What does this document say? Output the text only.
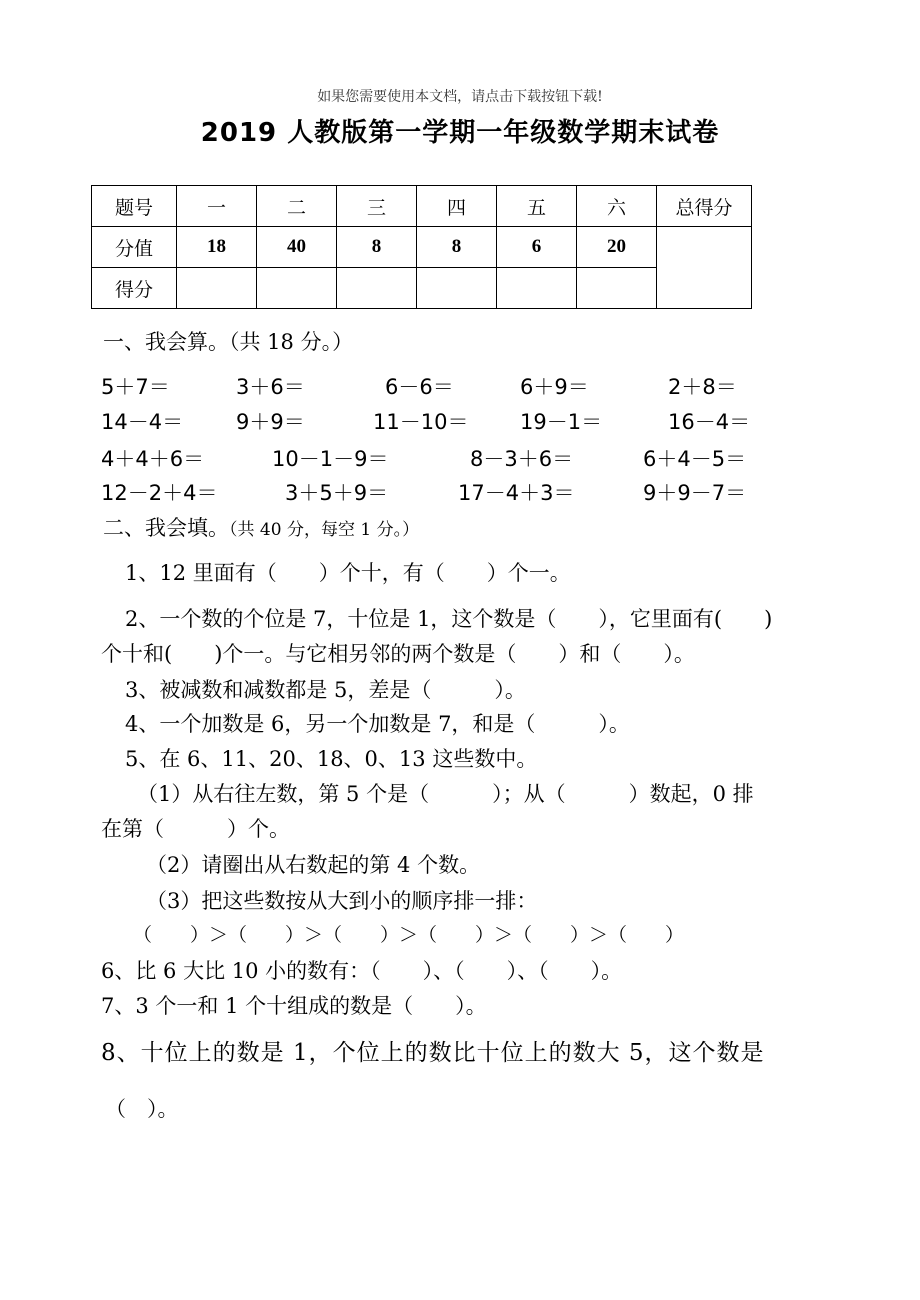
如果您需要使用本文档，请点击下载按钮下载!
2019 人教版第一学期一年级数学期末试卷
题号	一	二	三	四	五	六	总得分
分值	18	40	8	8	6	20	
得分							
一、我会算。（共 18 分。）
5＋7＝	3＋6＝	6－6＝	6＋9＝	2＋8＝
14－4＝	9＋9＝	11－10＝ 19－1＝	16－4＝
4＋4＋6＝	10－1－9＝	8－3＋6＝	6＋4－5＝
12－2＋4＝	3＋5＋9＝	17－4＋3＝	9＋9－7＝
二、我会填。（共 40 分，每空 1 分。）
1、12 里面有（　　）个十，有（　　）个一。
2、一个数的个位是 7，十位是 1，这个数是（　　），它里面有(　　)
个十和(　　)个一。与它相另邻的两个数是（　　）和（　　）。
3、被减数和减数都是 5，差是（　　　）。
4、一个加数是 6，另一个加数是 7，和是（　　　）。
5、在 6、11、20、18、0、13 这些数中。
（1）从右往左数，第 5 个是（　　　）；从（　　　）数起，0 排
在第（　　　）个。
（2）请圈出从右数起的第 4 个数。
（3）把这些数按从大到小的顺序排一排：
（　　）＞（　　）＞（　　）＞（　　）＞（　　）＞（　　）
6、比 6 大比 10 小的数有：（　　）、（　　）、（　　）。
7、3 个一和 1 个十组成的数是（　　）。
8、十位上的数是 1，个位上的数比十位上的数大 5，这个数是
（　）。
